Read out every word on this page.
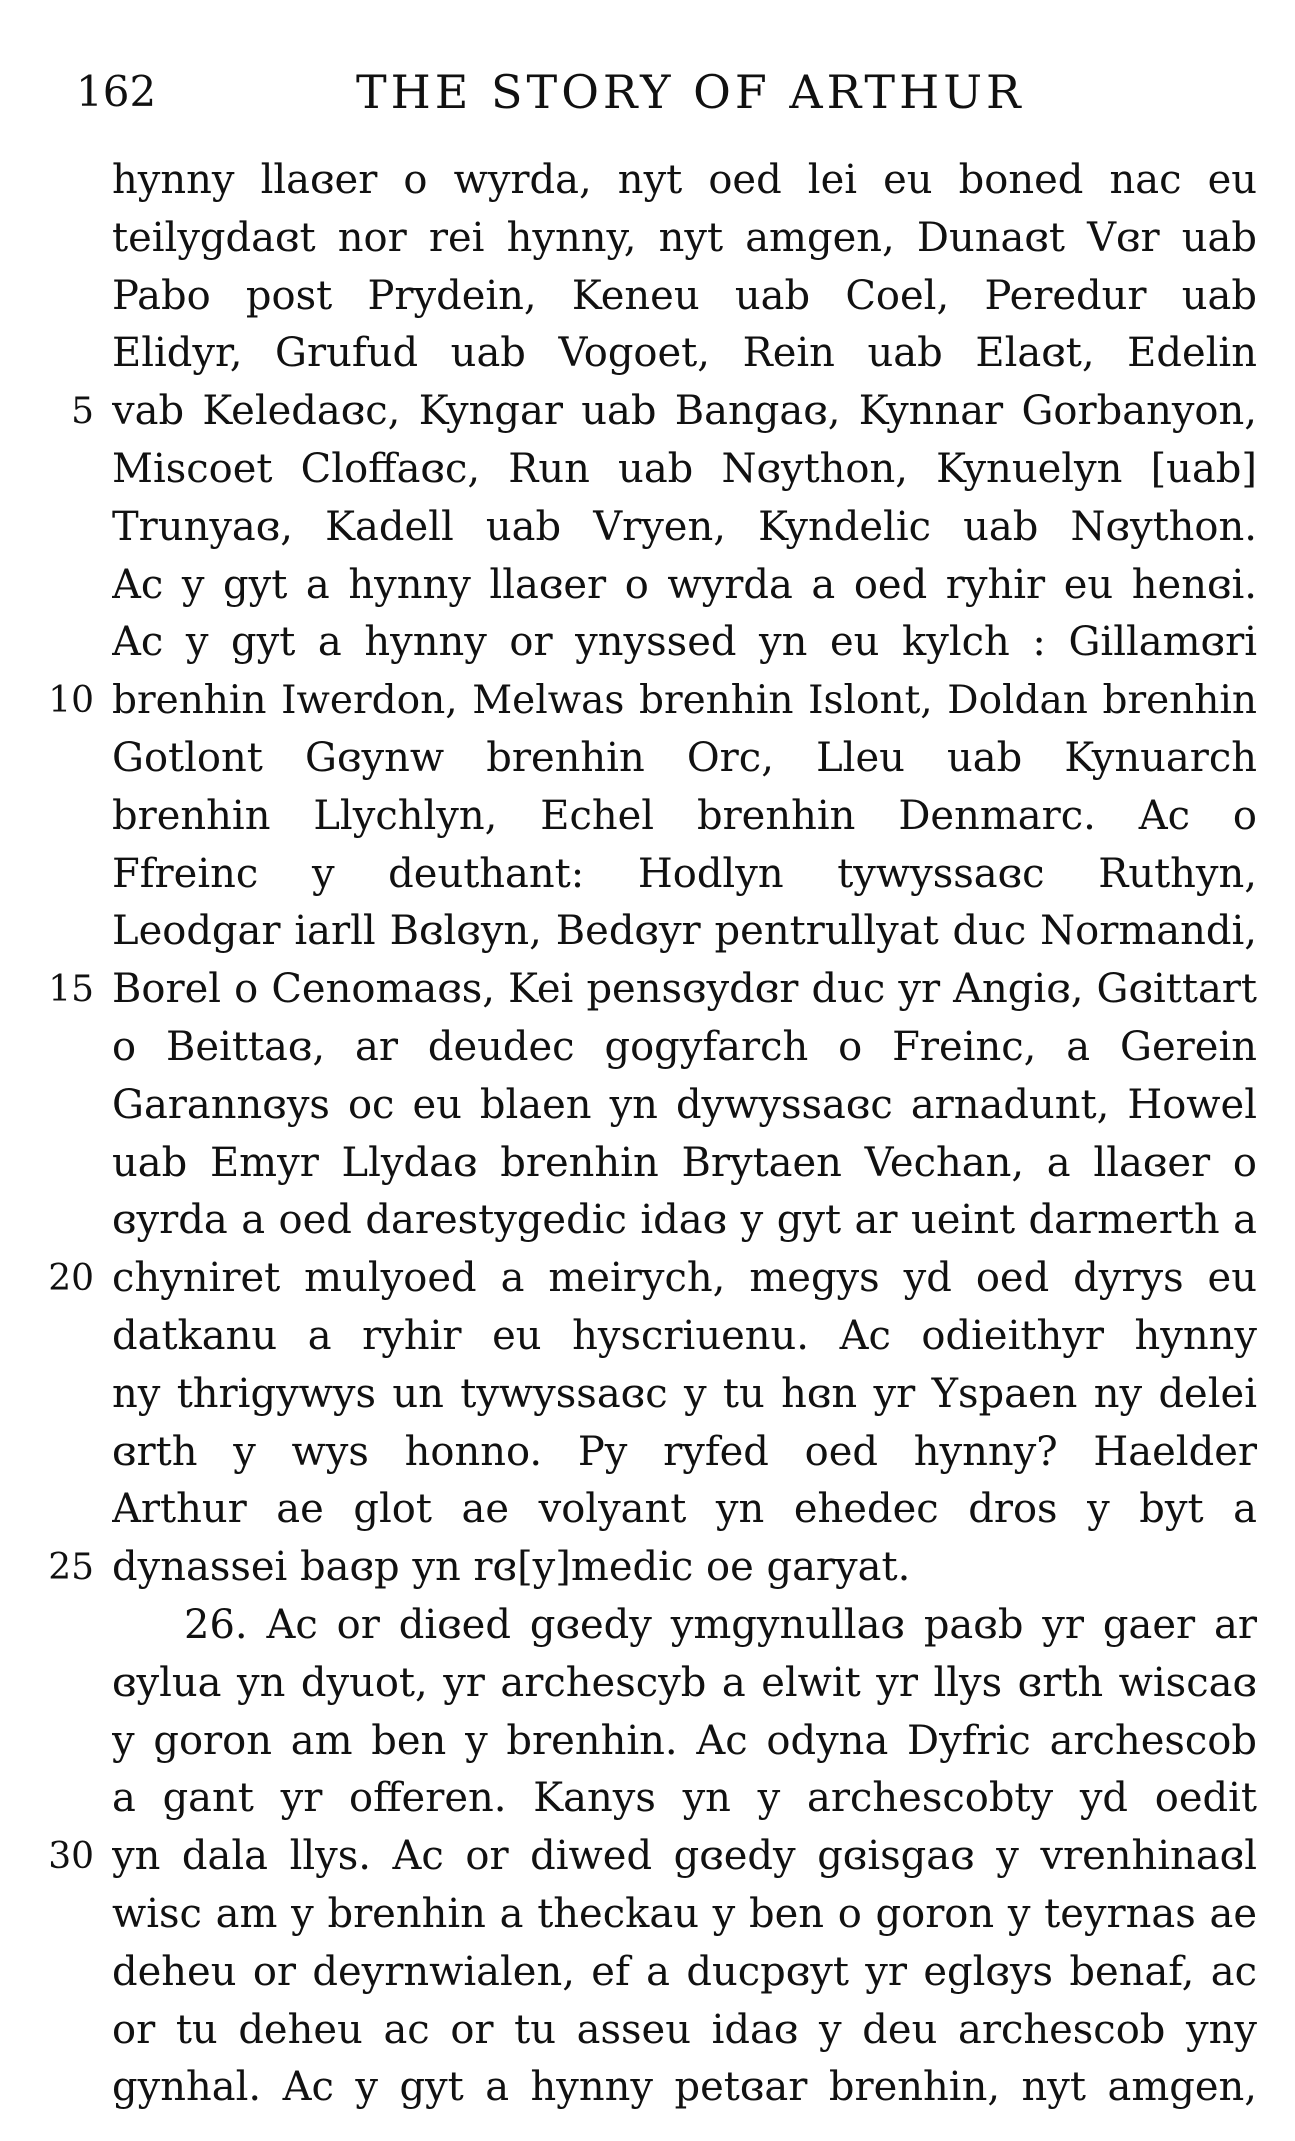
162	THE STORY OF ARTHUR
hynny llaɞer o wyrda, nyt oed lei eu boned nac eu
teilygdaɞt nor rei hynny, nyt amgen, Dunaɞt Vɞr uab
Pabo post Prydein, Keneu uab Coel, Peredur uab
Elidyr, Grufud uab Vogoet, Rein uab Elaɞt, Edelin
5 vab Keledaɞc, Kyngar uab Bangaɞ, Kynnar Gorbanyon,
Miscoet Cloffaɞc, Run uab Nɞython, Kynuelyn [uab]
Trunyaɞ, Kadell uab Vryen, Kyndelic uab Nɞython.
Ac y gyt a hynny llaɞer o wyrda a oed ryhir eu henɞi.
Ac y gyt a hynny or ynyssed yn eu kylch : Gillamɞri
10 brenhin Iwerdon, Melwas brenhin Islont, Doldan brenhin
Gotlont Gɞynw brenhin Orc, Lleu uab Kynuarch
brenhin Llychlyn, Echel brenhin Denmarc. Ac o
Ffreinc y deuthant: Hodlyn tywyssaɞc Ruthyn,
Leodgar iarll Bɞlɞyn, Bedɞyr pentrullyat duc Normandi,
15 Borel o Cenomaɞs, Kei pensɞydɞr duc yr Angiɞ, Gɞittart
o Beittaɞ, ar deudec gogyfarch o Freinc, a Gerein
Garannɞys oc eu blaen yn dywyssaɞc arnadunt, Howel
uab Emyr Llydaɞ brenhin Brytaen Vechan, a llaɞer o
ɞyrda a oed darestygedic idaɞ y gyt ar ueint darmerth a
20 chyniret mulyoed a meirych, megys yd oed dyrys eu
datkanu a ryhir eu hyscriuenu. Ac odieithyr hynny
ny thrigywys un tywyssaɞc y tu hɞn yr Yspaen ny delei
ɞrth y wys honno. Py ryfed oed hynny? Haelder
Arthur ae glot ae volyant yn ehedec dros y byt a
25 dynassei baɞp yn rɞ[y]medic oe garyat.
26. Ac or diɞed gɞedy ymgynullaɞ paɞb yr gaer ar
ɞylua yn dyuot, yr archescyb a elwit yr llys ɞrth wiscaɞ
y goron am ben y brenhin. Ac odyna Dyfric archescob
a gant yr offeren. Kanys yn y archescobty yd oedit
30 yn dala llys. Ac or diwed gɞedy gɞisgaɞ y vrenhinaɞl
wisc am y brenhin a theckau y ben o goron y teyrnas ae
deheu or deyrnwialen, ef a ducpɞyt yr eglɞys benaf, ac
or tu deheu ac or tu asseu idaɞ y deu archescob yny
gynhal. Ac y gyt a hynny petɞar brenhin, nyt amgen,
